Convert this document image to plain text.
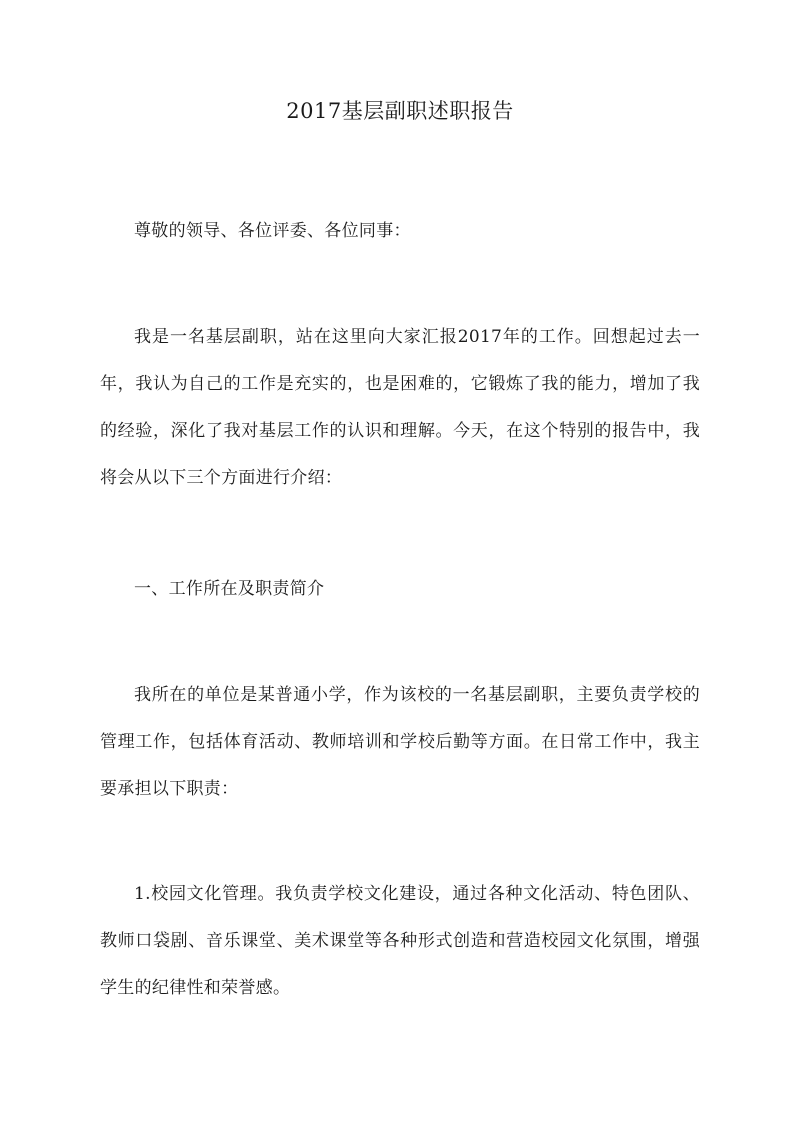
2017基层副职述职报告

尊敬的领导、各位评委、各位同事：

我是一名基层副职，站在这里向大家汇报2017年的工作。回想起过去一年，我认为自己的工作是充实的，也是困难的，它锻炼了我的能力，增加了我的经验，深化了我对基层工作的认识和理解。今天，在这个特别的报告中，我将会从以下三个方面进行介绍：

一、工作所在及职责简介

我所在的单位是某普通小学，作为该校的一名基层副职，主要负责学校的管理工作，包括体育活动、教师培训和学校后勤等方面。在日常工作中，我主要承担以下职责：

1.校园文化管理。我负责学校文化建设，通过各种文化活动、特色团队、教师口袋剧、音乐课堂、美术课堂等各种形式创造和营造校园文化氛围，增强学生的纪律性和荣誉感。
